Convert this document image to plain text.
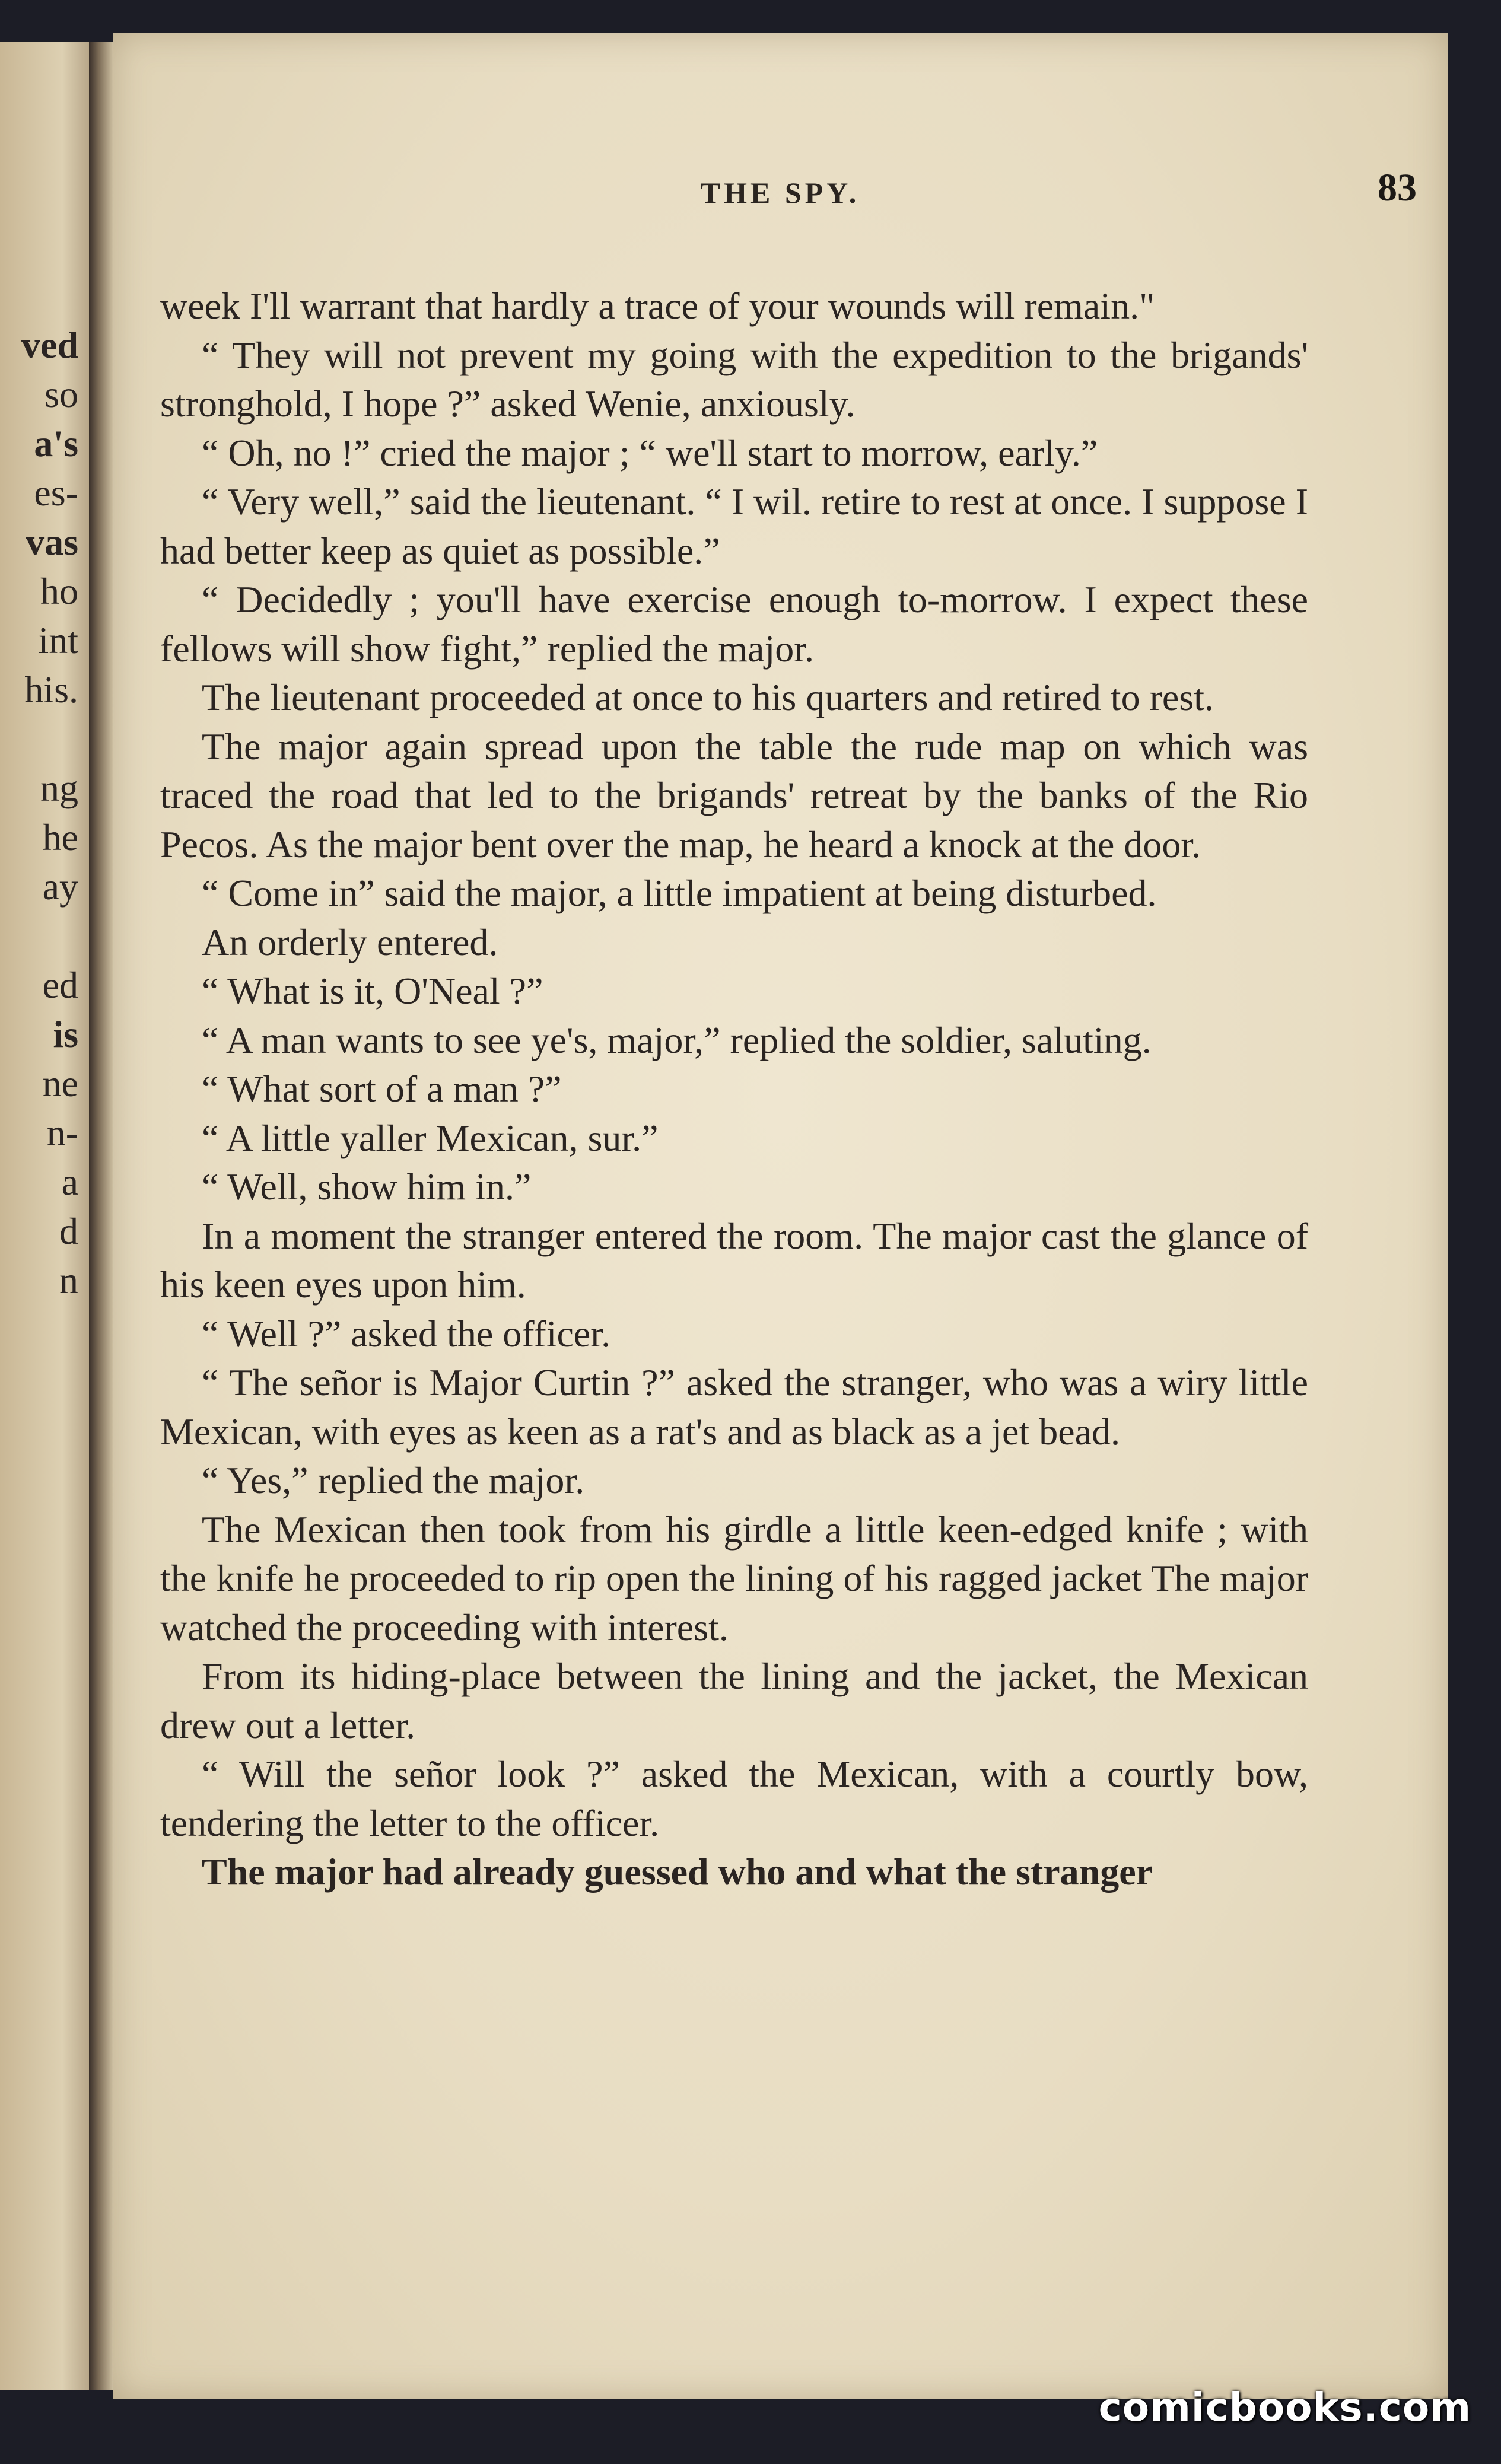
ved
so
a's
es-
vas
ho
int
his.
ng
he
ay
ed
is
ne
n-
a
d
n
THE SPY.	83

week I'll warrant that hardly a trace of your wounds will remain."

“ They will not prevent my going with the expedition to the brigands' stronghold, I hope ?” asked Wenie, anxiously.

“ Oh, no !” cried the major ; “ we'll start to morrow, early.”

“ Very well,” said the lieutenant. “ I wil. retire to rest at once. I suppose I had better keep as quiet as possible.”

“ Decidedly ; you'll have exercise enough to-morrow. I expect these fellows will show fight,” replied the major.

The lieutenant proceeded at once to his quarters and retired to rest.

The major again spread upon the table the rude map on which was traced the road that led to the brigands' retreat by the banks of the Rio Pecos. As the major bent over the map, he heard a knock at the door.

“ Come in” said the major, a little impatient at being disturbed.

An orderly entered.

“ What is it, O'Neal ?”

“ A man wants to see ye's, major,” replied the soldier, saluting.

“ What sort of a man ?”

“ A little yaller Mexican, sur.”

“ Well, show him in.”

In a moment the stranger entered the room. The major cast the glance of his keen eyes upon him.

“ Well ?” asked the officer.

“ The señor is Major Curtin ?” asked the stranger, who was a wiry little Mexican, with eyes as keen as a rat's and as black as a jet bead.

“ Yes,” replied the major.

The Mexican then took from his girdle a little keen-edged knife ; with the knife he proceeded to rip open the lining of his ragged jacket The major watched the proceeding with interest.

From its hiding-place between the lining and the jacket, the Mexican drew out a letter.

“ Will the señor look ?” asked the Mexican, with a courtly bow, tendering the letter to the officer.

The major had already guessed who and what the stranger

comicbooks.com
